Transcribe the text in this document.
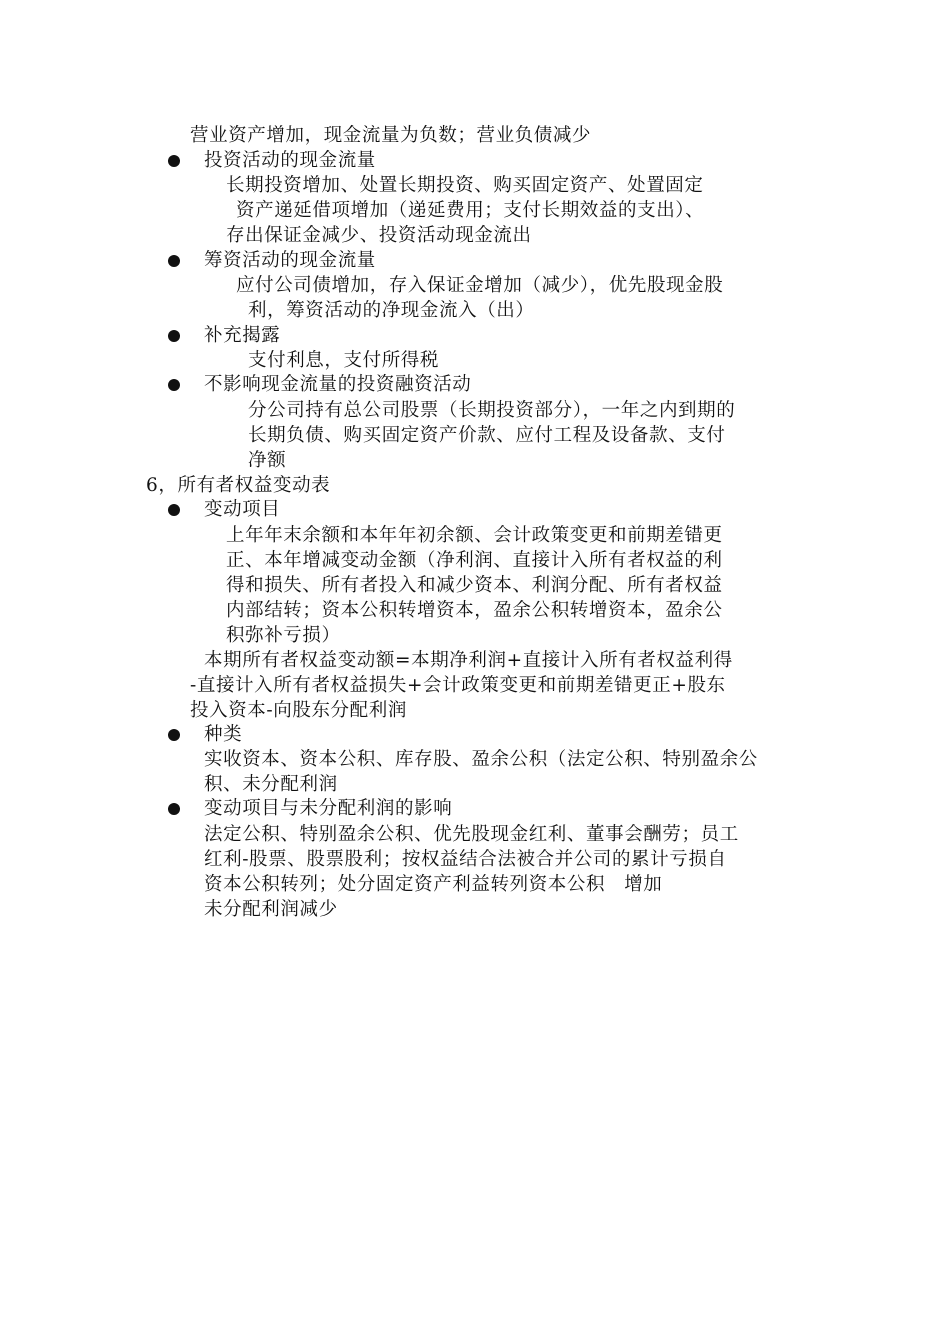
营业资产增加，现金流量为负数；营业负债减少
投资活动的现金流量
长期投资增加、处置长期投资、购买固定资产、处置固定
资产递延借项增加（递延费用；支付长期效益的支出）、
存出保证金减少、投资活动现金流出
筹资活动的现金流量
应付公司债增加，存入保证金增加（减少），优先股现金股
利，筹资活动的净现金流入（出）
补充揭露
支付利息，支付所得税
不影响现金流量的投资融资活动
分公司持有总公司股票（长期投资部分），一年之内到期的
长期负债、购买固定资产价款、应付工程及设备款、支付
净额
6，所有者权益变动表
变动项目
上年年末余额和本年年初余额、会计政策变更和前期差错更
正、本年增减变动金额（净利润、直接计入所有者权益的利
得和损失、所有者投入和减少资本、利润分配、所有者权益
内部结转；资本公积转增资本，盈余公积转增资本，盈余公
积弥补亏损）
本期所有者权益变动额=本期净利润+直接计入所有者权益利得
-直接计入所有者权益损失+会计政策变更和前期差错更正+股东
投入资本-向股东分配利润
种类
实收资本、资本公积、库存股、盈余公积（法定公积、特别盈余公
积、未分配利润
变动项目与未分配利润的影响
法定公积、特别盈余公积、优先股现金红利、董事会酬劳；员工
红利-股票、股票股利；按权益结合法被合并公司的累计亏损自
资本公积转列；处分固定资产利益转列资本公积　增加
未分配利润减少
